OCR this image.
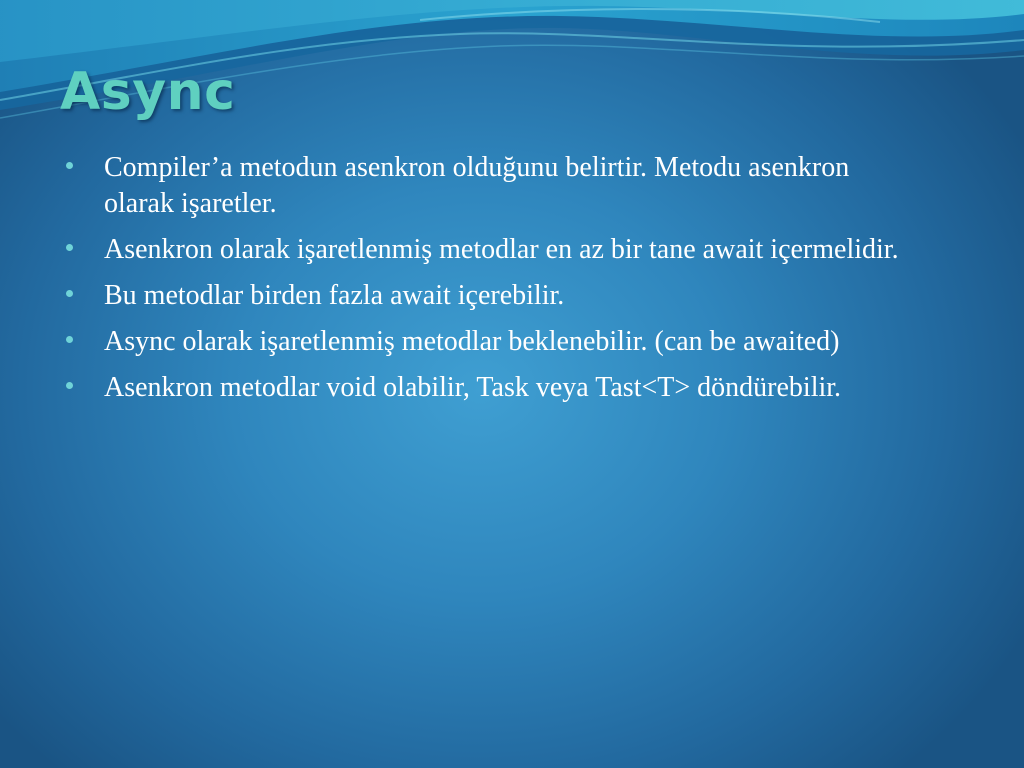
Async
Compiler’a metodun asenkron olduğunu belirtir. Metodu asenkron olarak işaretler.
Asenkron olarak işaretlenmiş metodlar en az bir tane await içermelidir.
Bu metodlar birden fazla await içerebilir.
Async olarak işaretlenmiş metodlar beklenebilir. (can be awaited)
Asenkron metodlar void olabilir, Task veya Tast<T> döndürebilir.
